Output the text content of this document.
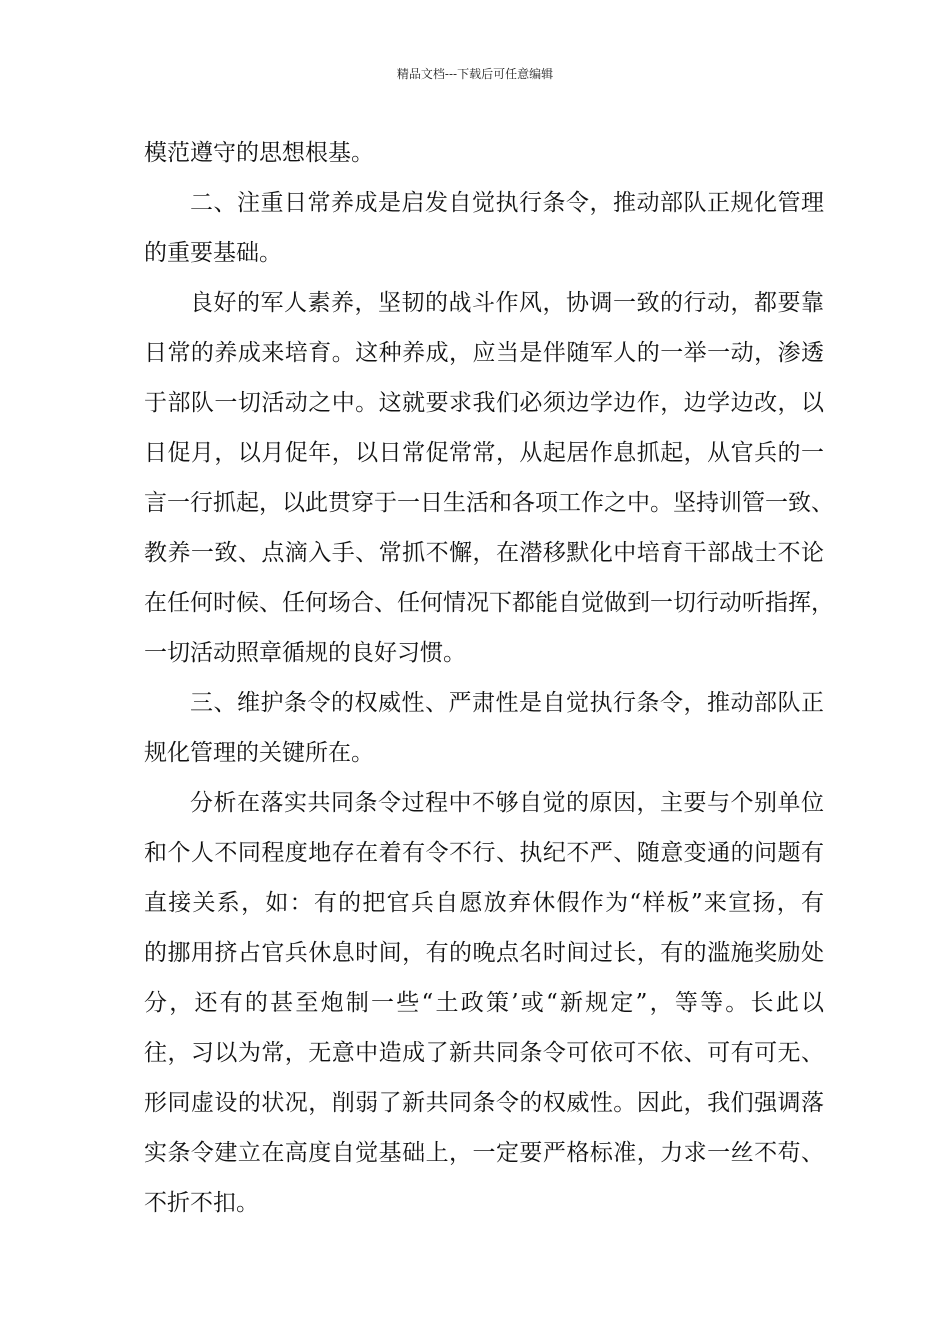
精品文档---下载后可任意编辑
模范遵守的思想根基。
二、注重日常养成是启发自觉执行条令，推动部队正规化管理
的重要基础。
良好的军人素养，坚韧的战斗作风，协调一致的行动，都要靠
日常的养成来培育。这种养成，应当是伴随军人的一举一动，渗透
于部队一切活动之中。这就要求我们必须边学边作，边学边改，以
日促月，以月促年，以日常促常常，从起居作息抓起，从官兵的一
言一行抓起，以此贯穿于一日生活和各项工作之中。坚持训管一致、
教养一致、点滴入手、常抓不懈，在潜移默化中培育干部战士不论
在任何时候、任何场合、任何情况下都能自觉做到一切行动听指挥，
一切活动照章循规的良好习惯。
三、维护条令的权威性、严肃性是自觉执行条令，推动部队正
规化管理的关键所在。
分析在落实共同条令过程中不够自觉的原因，主要与个别单位
和个人不同程度地存在着有令不行、执纪不严、随意变通的问题有
直接关系，如：有的把官兵自愿放弃休假作为“样板”来宣扬，有
的挪用挤占官兵休息时间，有的晚点名时间过长，有的滥施奖励处
分，还有的甚至炮制一些“土政策’或“新规定”，等等。长此以
往，习以为常，无意中造成了新共同条令可依可不依、可有可无、
形同虚设的状况，削弱了新共同条令的权威性。因此，我们强调落
实条令建立在高度自觉基础上，一定要严格标准，力求一丝不苟、
不折不扣。
